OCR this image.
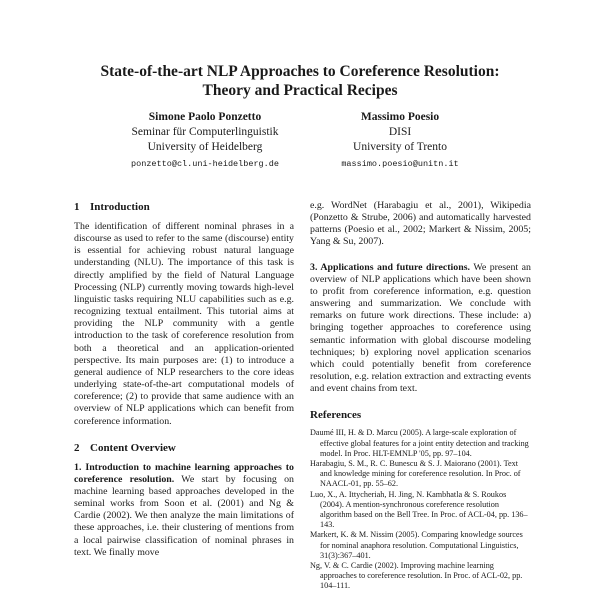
State-of-the-art NLP Approaches to Coreference Resolution:
Theory and Practical Recipes
Simone Paolo Ponzetto
Seminar für Computerlinguistik
University of Heidelberg
ponzetto@cl.uni-heidelberg.de
Massimo Poesio
DISI
University of Trento
massimo.poesio@unitn.it
1 Introduction

The identification of different nominal phrases in a discourse as used to refer to the same (discourse) entity is essential for achieving robust natural language understanding (NLU). The importance of this task is directly amplified by the field of Natural Language Processing (NLP) currently moving towards high-level linguistic tasks requiring NLU capabilities such as e.g. recognizing textual entailment. This tutorial aims at providing the NLP community with a gentle introduction to the task of coreference resolution from both a theoretical and an application-oriented perspective. Its main purposes are: (1) to introduce a general audience of NLP researchers to the core ideas underlying state-of-the-art computational models of coreference; (2) to provide that same audience with an overview of NLP applications which can benefit from coreference information.

2 Content Overview

1. Introduction to machine learning approaches to coreference resolution. We start by focusing on machine learning based approaches developed in the seminal works from Soon et al. (2001) and Ng & Cardie (2002). We then analyze the main limitations of these approaches, i.e. their clustering of mentions from a local pairwise classification of nominal phrases in text. We finally move

e.g. WordNet (Harabagiu et al., 2001), Wikipedia (Ponzetto & Strube, 2006) and automatically harvested patterns (Poesio et al., 2002; Markert & Nissim, 2005; Yang & Su, 2007).

3. Applications and future directions. We present an overview of NLP applications which have been shown to profit from coreference information, e.g. question answering and summarization. We conclude with remarks on future work directions. These include: a) bringing together approaches to coreference using semantic information with global discourse modeling techniques; b) exploring novel application scenarios which could potentially benefit from coreference resolution, e.g. relation extraction and extracting events and event chains from text.

References

Daumé III, H. & D. Marcu (2005). A large-scale exploration of effective global features for a joint entity detection and tracking model. In Proc. HLT-EMNLP '05, pp. 97–104.

Harabagiu, S. M., R. C. Bunescu & S. J. Maiorano (2001). Text and knowledge mining for coreference resolution. In Proc. of NAACL-01, pp. 55–62.

Luo, X., A. Ittycheriah, H. Jing, N. Kambhatla & S. Roukos (2004). A mention-synchronous coreference resolution algorithm based on the Bell Tree. In Proc. of ACL-04, pp. 136–143.

Markert, K. & M. Nissim (2005). Comparing knowledge sources for nominal anaphora resolution. Computational Linguistics, 31(3):367–401.

Ng, V. & C. Cardie (2002). Improving machine learning approaches to coreference resolution. In Proc. of ACL-02, pp. 104–111.
